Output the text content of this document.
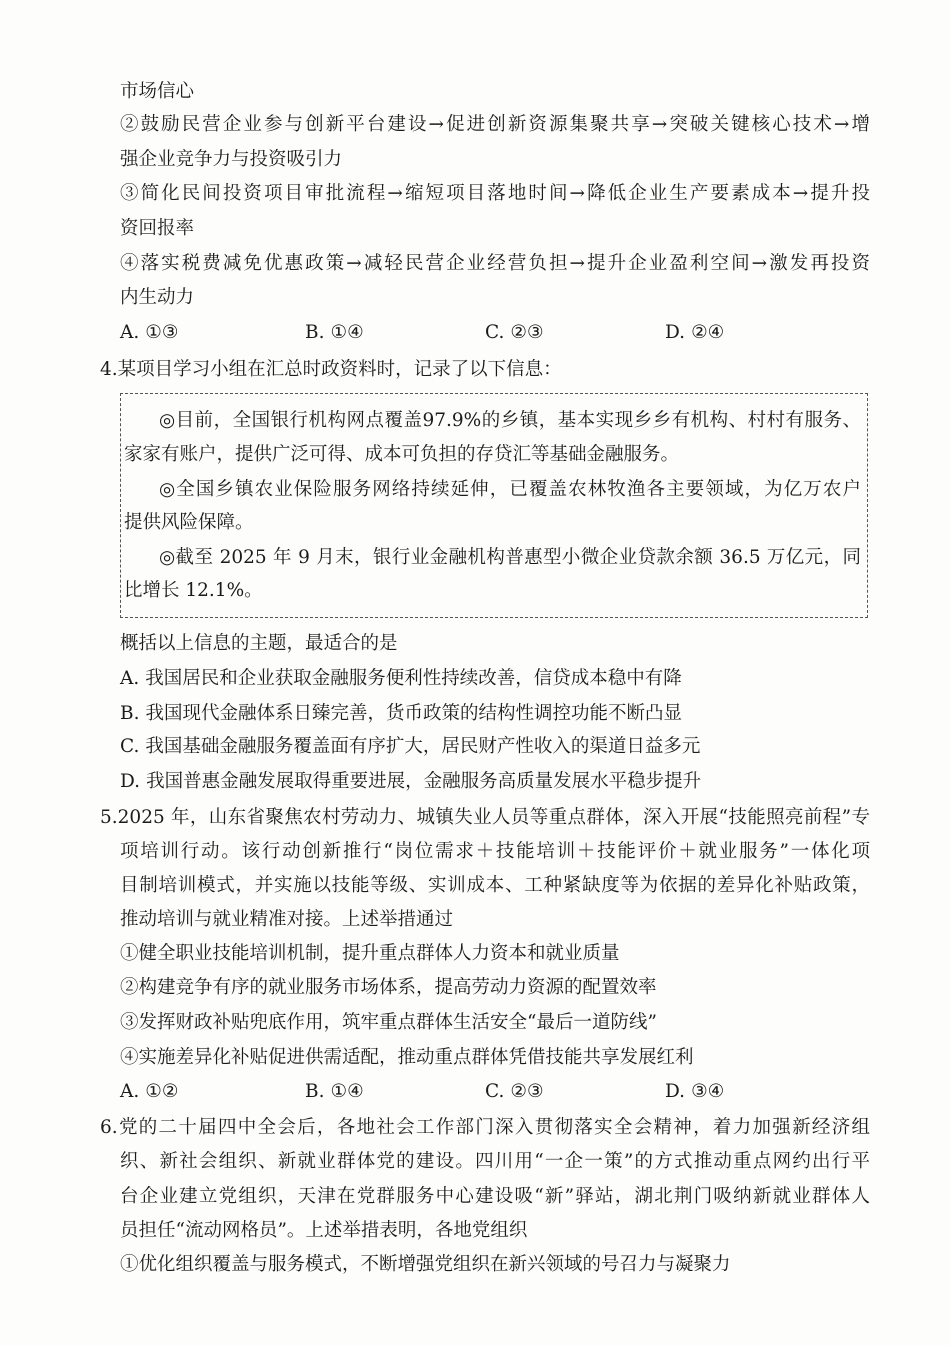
市场信心
②鼓励民营企业参与创新平台建设→促进创新资源集聚共享→突破关键核心技术→增
强企业竞争力与投资吸引力
③简化民间投资项目审批流程→缩短项目落地时间→降低企业生产要素成本→提升投
资回报率
④落实税费减免优惠政策→减轻民营企业经营负担→提升企业盈利空间→激发再投资
内生动力
A. ①③	B. ①④	C. ②③	D. ②④
4.某项目学习小组在汇总时政资料时，记录了以下信息：
◎目前，全国银行机构网点覆盖97.9%的乡镇，基本实现乡乡有机构、村村有服务、
家家有账户，提供广泛可得、成本可负担的存贷汇等基础金融服务。
◎全国乡镇农业保险服务网络持续延伸，已覆盖农林牧渔各主要领域，为亿万农户
提供风险保障。
◎截至 2025 年 9 月末，银行业金融机构普惠型小微企业贷款余额 36.5 万亿元，同
比增长 12.1%。
概括以上信息的主题，最适合的是
A. 我国居民和企业获取金融服务便利性持续改善，信贷成本稳中有降
B. 我国现代金融体系日臻完善，货币政策的结构性调控功能不断凸显
C. 我国基础金融服务覆盖面有序扩大，居民财产性收入的渠道日益多元
D. 我国普惠金融发展取得重要进展，金融服务高质量发展水平稳步提升
5.2025 年，山东省聚焦农村劳动力、城镇失业人员等重点群体，深入开展“技能照亮前程”专
项培训行动。该行动创新推行“岗位需求＋技能培训＋技能评价＋就业服务”一体化项
目制培训模式，并实施以技能等级、实训成本、工种紧缺度等为依据的差异化补贴政策，
推动培训与就业精准对接。上述举措通过
①健全职业技能培训机制，提升重点群体人力资本和就业质量
②构建竞争有序的就业服务市场体系，提高劳动力资源的配置效率
③发挥财政补贴兜底作用，筑牢重点群体生活安全“最后一道防线”
④实施差异化补贴促进供需适配，推动重点群体凭借技能共享发展红利
A. ①②	B. ①④	C. ②③	D. ③④
6.党的二十届四中全会后，各地社会工作部门深入贯彻落实全会精神，着力加强新经济组
织、新社会组织、新就业群体党的建设。四川用“一企一策”的方式推动重点网约出行平
台企业建立党组织，天津在党群服务中心建设吸“新”驿站，湖北荆门吸纳新就业群体人
员担任“流动网格员”。上述举措表明，各地党组织
①优化组织覆盖与服务模式，不断增强党组织在新兴领域的号召力与凝聚力
